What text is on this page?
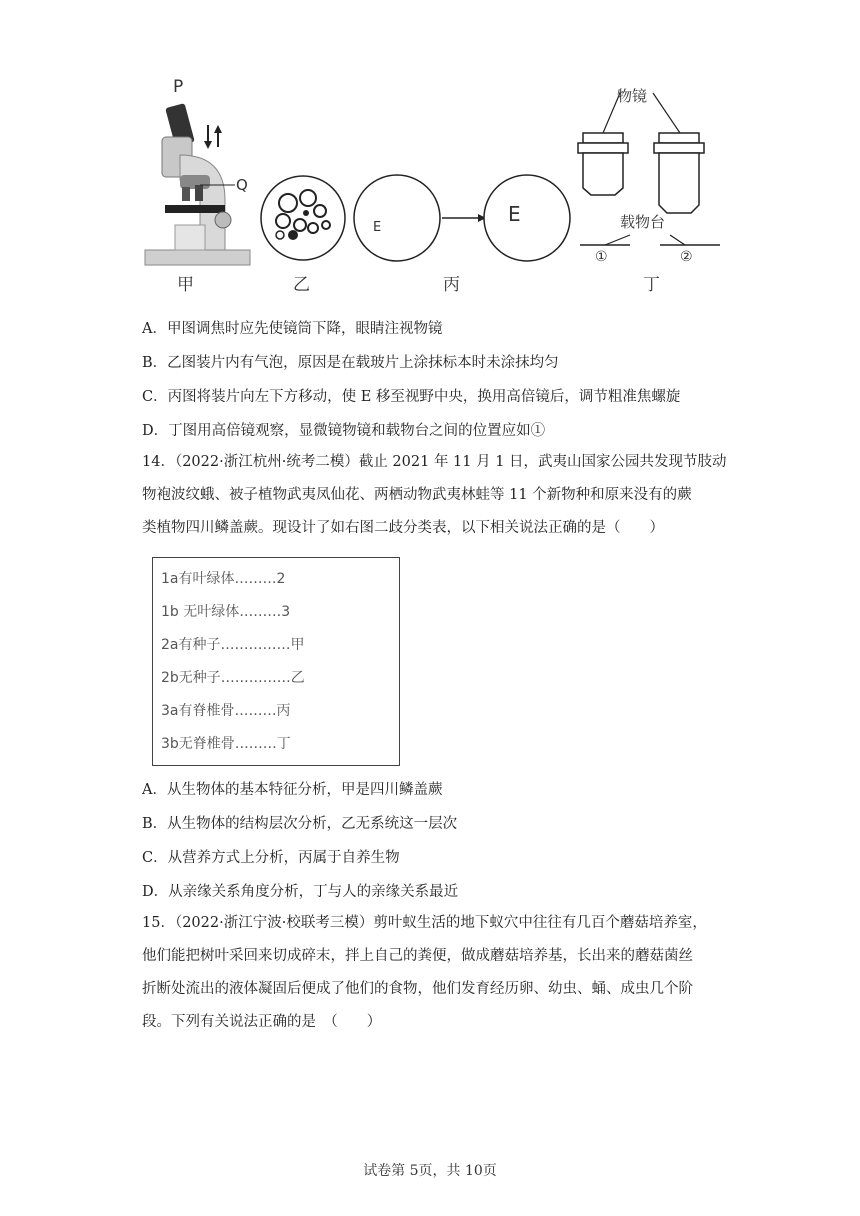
P
Q
甲	乙
E
E
丙
物镜
载物台
①	②
丁
A．甲图调焦时应先使镜筒下降，眼睛注视物镜
B．乙图装片内有气泡，原因是在载玻片上涂抹标本时未涂抹均匀
C．丙图将装片向左下方移动，使 E 移至视野中央，换用高倍镜后，调节粗准焦螺旋
D．丁图用高倍镜观察，显微镜物镜和载物台之间的位置应如①
14．（2022·浙江杭州·统考二模）截止 2021 年 11 月 1 日，武夷山国家公园共发现节肢动
物袍波纹蛾、被子植物武夷凤仙花、两栖动物武夷林蛙等 11 个新物种和原来没有的蕨
类植物四川鳞盖蕨。现设计了如右图二歧分类表，以下相关说法正确的是（　　）
1a有叶绿体………2
1b 无叶绿体………3
2a有种子……………甲
2b无种子……………乙
3a有脊椎骨………丙
3b无脊椎骨………丁
A．从生物体的基本特征分析，甲是四川鳞盖蕨
B．从生物体的结构层次分析，乙无系统这一层次
C．从营养方式上分析，丙属于自养生物
D．从亲缘关系角度分析，丁与人的亲缘关系最近
15．（2022·浙江宁波·校联考三模）剪叶蚁生活的地下蚁穴中往往有几百个蘑菇培养室，
他们能把树叶采回来切成碎末，拌上自己的粪便，做成蘑菇培养基，长出来的蘑菇菌丝
折断处流出的液体凝固后便成了他们的食物，他们发育经历卵、幼虫、蛹、成虫几个阶
段。下列有关说法正确的是　（　　）
试卷第 5页，共 10页
